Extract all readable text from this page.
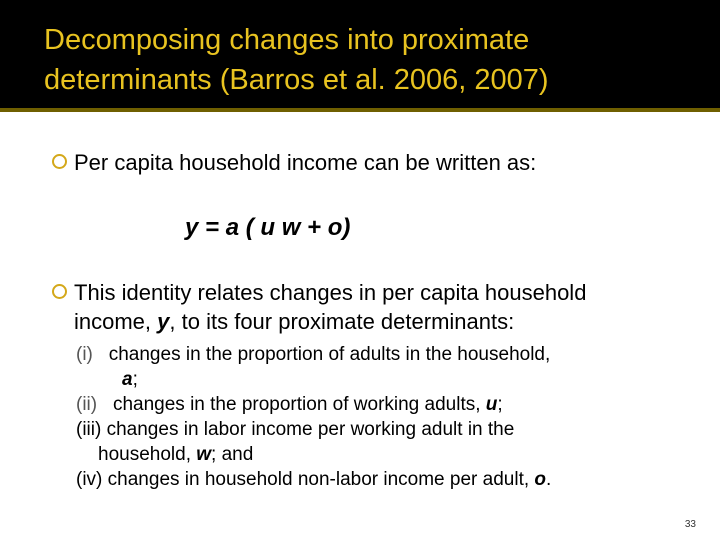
Decomposing changes into proximate
determinants (Barros et al. 2006, 2007)
Per capita household income can be written as:
y = a ( u w + o)
This identity relates changes in per capita household
income, y, to its four proximate determinants:
(i) changes in the proportion of adults in the household,
a;
(ii) changes in the proportion of working adults, u;
(iii) changes in labor income per working adult in the
household, w; and
(iv) changes in household non-labor income per adult, o.
33
